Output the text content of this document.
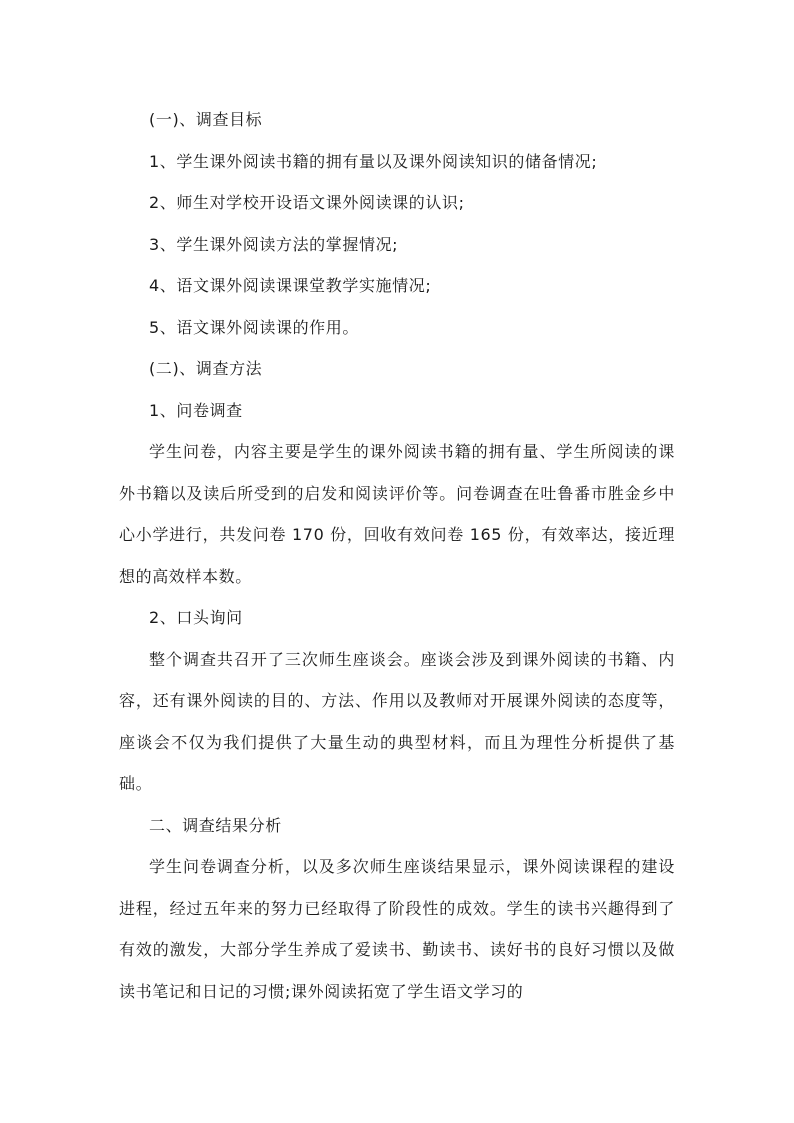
(一)、调查目标

1、学生课外阅读书籍的拥有量以及课外阅读知识的储备情况;

2、师生对学校开设语文课外阅读课的认识;

3、学生课外阅读方法的掌握情况;

4、语文课外阅读课课堂教学实施情况;

5、语文课外阅读课的作用。

(二)、调查方法

1、问卷调查

学生问卷，内容主要是学生的课外阅读书籍的拥有量、学生所阅读的课外书籍以及读后所受到的启发和阅读评价等。问卷调查在吐鲁番市胜金乡中心小学进行，共发问卷 170 份，回收有效问卷 165 份，有效率达，接近理想的高效样本数。

2、口头询问

整个调查共召开了三次师生座谈会。座谈会涉及到课外阅读的书籍、内容，还有课外阅读的目的、方法、作用以及教师对开展课外阅读的态度等，座谈会不仅为我们提供了大量生动的典型材料，而且为理性分析提供了基础。

二、调查结果分析

学生问卷调查分析，以及多次师生座谈结果显示，课外阅读课程的建设进程，经过五年来的努力已经取得了阶段性的成效。学生的读书兴趣得到了有效的激发，大部分学生养成了爱读书、勤读书、读好书的良好习惯以及做读书笔记和日记的习惯;课外阅读拓宽了学生语文学习的
